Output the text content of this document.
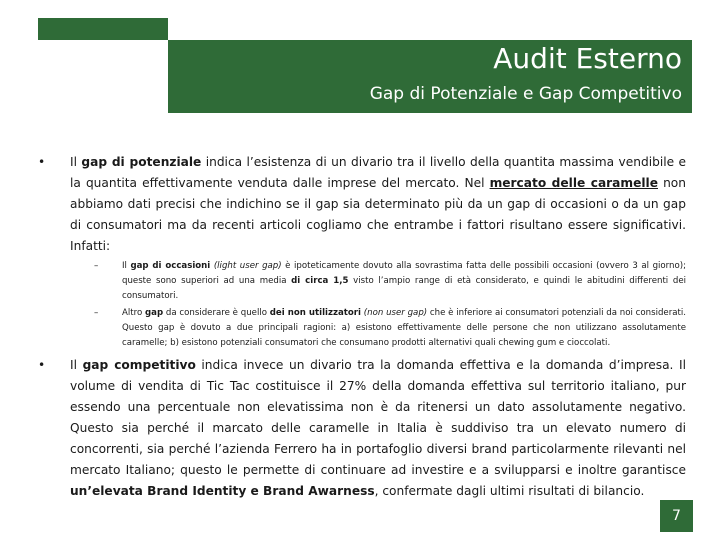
Audit Esterno
Gap di Potenziale e Gap Competitivo
• Il gap di potenziale indica l’esistenza di un divario tra il livello della quantita massima vendibile e la quantita effettivamente venduta dalle imprese del mercato. Nel mercato delle caramelle non abbiamo dati precisi che indichino se il gap sia determinato più da un gap di occasioni o da un gap di consumatori ma da recenti articoli cogliamo che entrambe i fattori risultano essere significativi. Infatti:
–	Il gap di occasioni (light user gap) è ipoteticamente dovuto alla sovrastima fatta delle possibili occasioni (ovvero 3 al giorno); queste sono superiori ad una media di circa 1,5 visto l’ampio range di età considerato, e quindi le abitudini differenti dei consumatori.
–	Altro gap da considerare è quello dei non utilizzatori (non user gap) che è inferiore ai consumatori potenziali da noi considerati. Questo gap è dovuto a due principali ragioni: a) esistono effettivamente delle persone che non utilizzano assolutamente caramelle; b) esistono potenziali consumatori che consumano prodotti alternativi quali chewing gum e cioccolati.
• Il gap competitivo indica invece un divario tra la domanda effettiva e la domanda d’impresa. Il volume di vendita di Tic Tac costituisce il 27% della domanda effettiva sul territorio italiano, pur essendo una percentuale non elevatissima non è da ritenersi un dato assolutamente negativo. Questo sia perché il marcato delle caramelle in Italia è suddiviso tra un elevato numero di concorrenti, sia perché l’azienda Ferrero ha in portafoglio diversi brand particolarmente rilevanti nel mercato Italiano; questo le permette di continuare ad investire e a svilupparsi e inoltre garantisce un’elevata Brand Identity e Brand Awarness, confermate dagli ultimi risultati di bilancio.
7
